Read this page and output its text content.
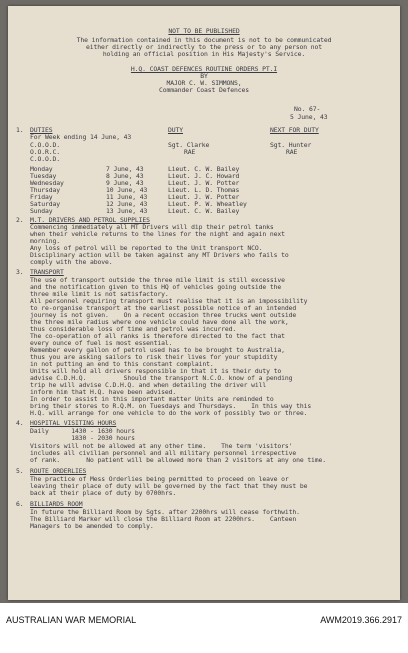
NOT TO BE PUBLISHED
The information contained in this document is not to be communicated
either directly or indirectly to the press or to any person not
holding an official position in His Majesty's Service.
H.Q. COAST DEFENCES ROUTINE ORDERS PT.I
BY
MAJOR C. W. SIMMONS,
Commander Coast Defences
No. 67-
5 June, 43
1. DUTIES	DUTY	NEXT FOR DUTY
For Week ending 14 June, 43
C.O.O.D.	Sgt. Clarke	Sgt. Hunter
O.O.R.C.	RAE	RAE
C.O.O.D.
Monday	7 June, 43	Lieut. C. W. Bailey
Tuesday	8 June, 43	Lieut. J. C. Howard
Wednesday	9 June, 43	Lieut. J. W. Potter
Thursday	10 June, 43	Lieut. L. D. Thomas
Friday	11 June, 43	Lieut. J. W. Potter
Saturday	12 June, 43	Lieut. P. W. Wheatley
Sunday	13 June, 43	Lieut. C. W. Bailey
2. M.T. DRIVERS AND PETROL SUPPLIES
Commencing immediately all MT Drivers will dip their petrol tanks
when their vehicle returns to the lines for the night and again next
morning.
Any loss of petrol will be reported to the Unit transport NCO.
Disciplinary action will be taken against any MT Drivers who fails to
comply with the above.
3. TRANSPORT
The use of transport outside the three mile limit is still excessive
and the notification given to this HQ of vehicles going outside the
three mile limit is not satisfactory.
All personnel requiring transport must realise that it is an impossibility
to re-organise transport at the earliest possible notice of an intended
journey is not given.    On a recent occasion three trucks went outside
the three mile radius where one vehicle could have done all the work,
thus considerable loss of time and petrol was incurred.
The co-operation of all ranks is therefore directed to the fact that
every ounce of fuel is most essential.
Remember every gallon of petrol used has to be brought to Australia,
thus you are asking sailors to risk their lives for your stupidity
in not putting an end to this constant complaint.
Units will hold all drivers responsible in that it is their duty to
advise C.D.H.Q.          Should the transport N.C.O. know of a pending
trip he will advise C.D.H.Q. and when detailing the driver will
inform him that H.Q. have been advised.
In order to assist in this important matter Units are reminded to
bring their stores to R.Q.M. on Tuesdays and Thursdays.    In this way this
H.Q. will arrange for one vehicle to do the work of possibly two or three.
4. HOSPITAL VISITING HOURS
Daily      1430 - 1630 hours
1830 - 2030 hours
Visitors will not be allowed at any other time.    The term 'visitors'
includes all civilian personnel and all military personnel irrespective
of rank.       No patient will be allowed more than 2 visitors at any one time.
5. ROUTE ORDERLIES
The practice of Mess Orderlies being permitted to proceed on leave or
leaving their place of duty will be governed by the fact that they must be
back at their place of duty by 0700hrs.
6. BILLIARDS ROOM
In future the Billiard Room by Sgts. after 2200hrs will cease forthwith.
The Billiard Marker will close the Billiard Room at 2200hrs.    Canteen
Managers to be amended to comply.
AUSTRALIAN WAR MEMORIAL	AWM2019.366.2917
